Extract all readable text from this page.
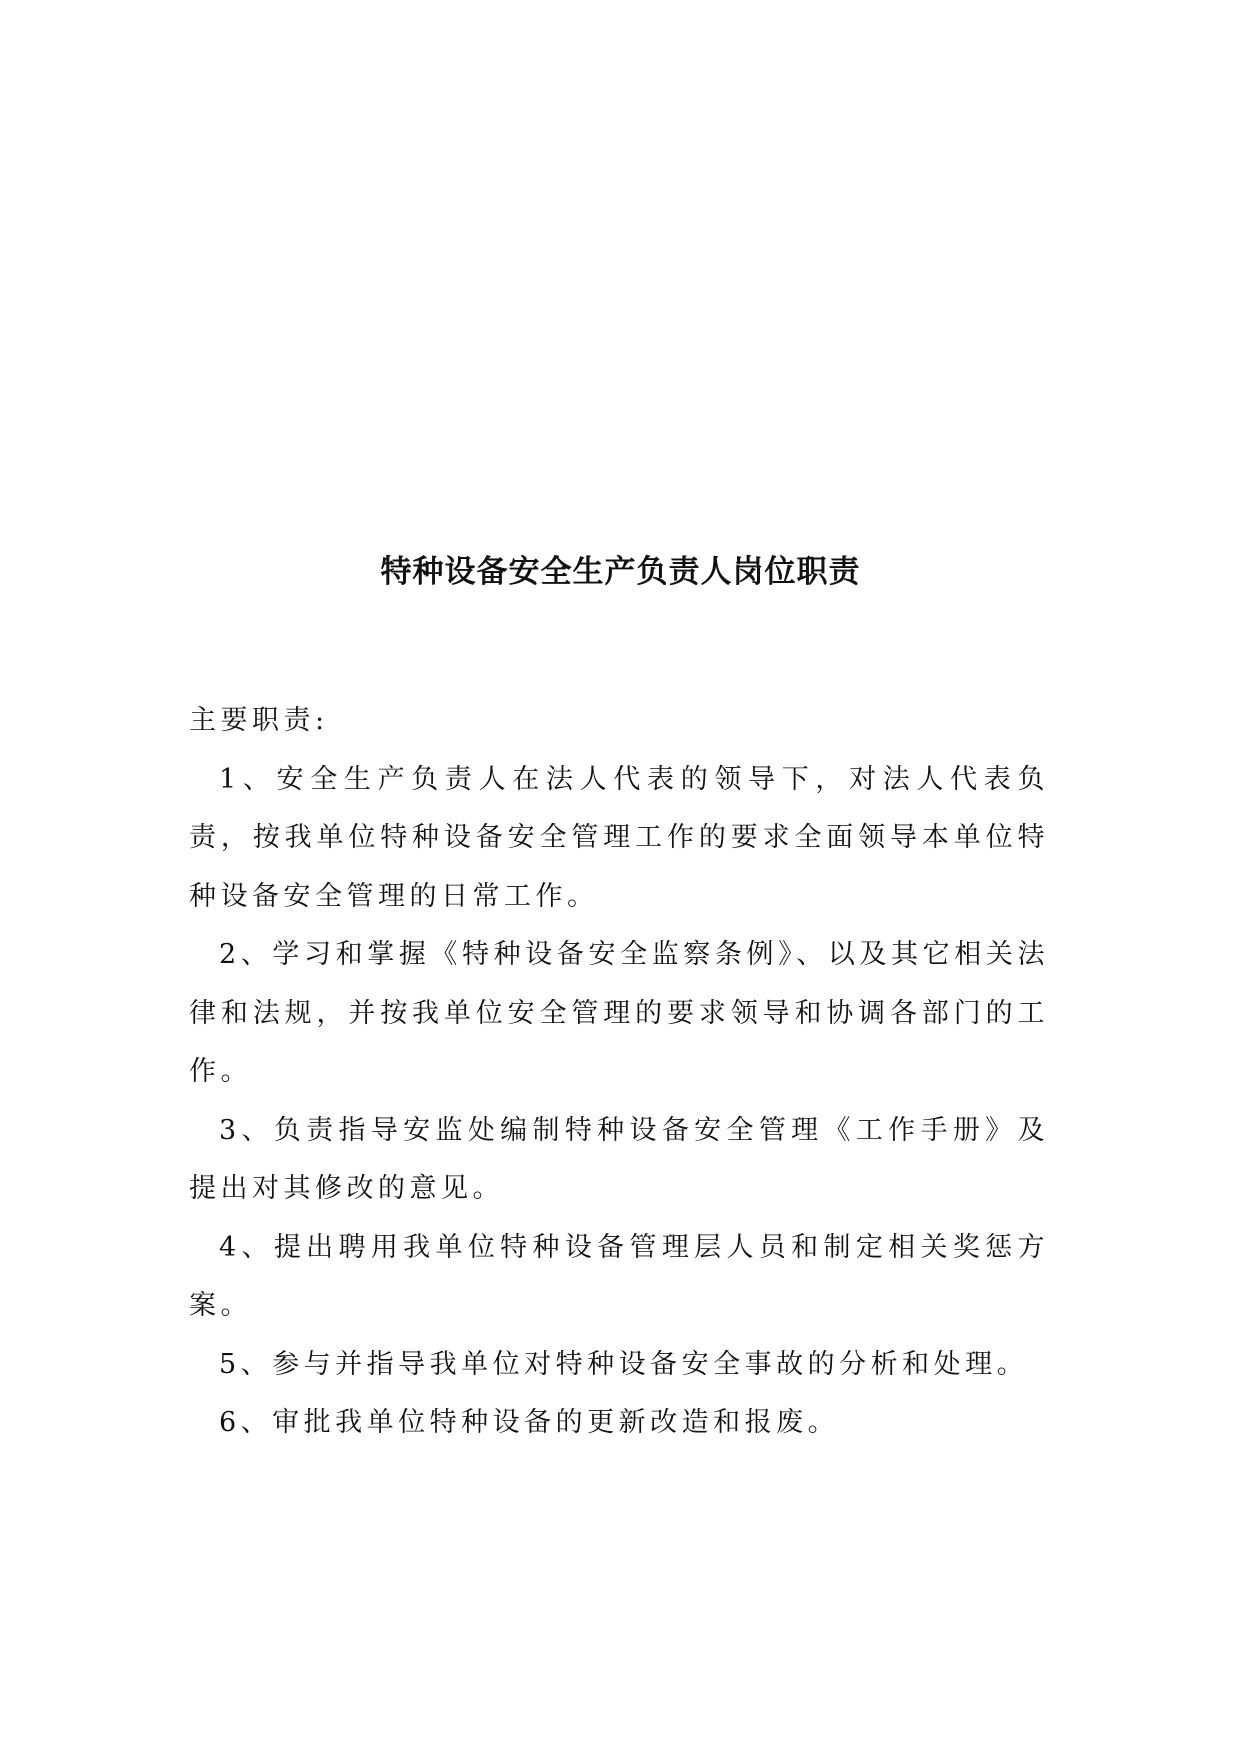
特种设备安全生产负责人岗位职责
主要职责:

1、安全生产负责人在法人代表的领导下，对法人代表负责，按我单位特种设备安全管理工作的要求全面领导本单位特种设备安全管理的日常工作。

2、学习和掌握《特种设备安全监察条例》、以及其它相关法律和法规，并按我单位安全管理的要求领导和协调各部门的工作。

3、负责指导安监处编制特种设备安全管理《工作手册》及提出对其修改的意见。

4、提出聘用我单位特种设备管理层人员和制定相关奖惩方案。

5、参与并指导我单位对特种设备安全事故的分析和处理。

6、审批我单位特种设备的更新改造和报废。
